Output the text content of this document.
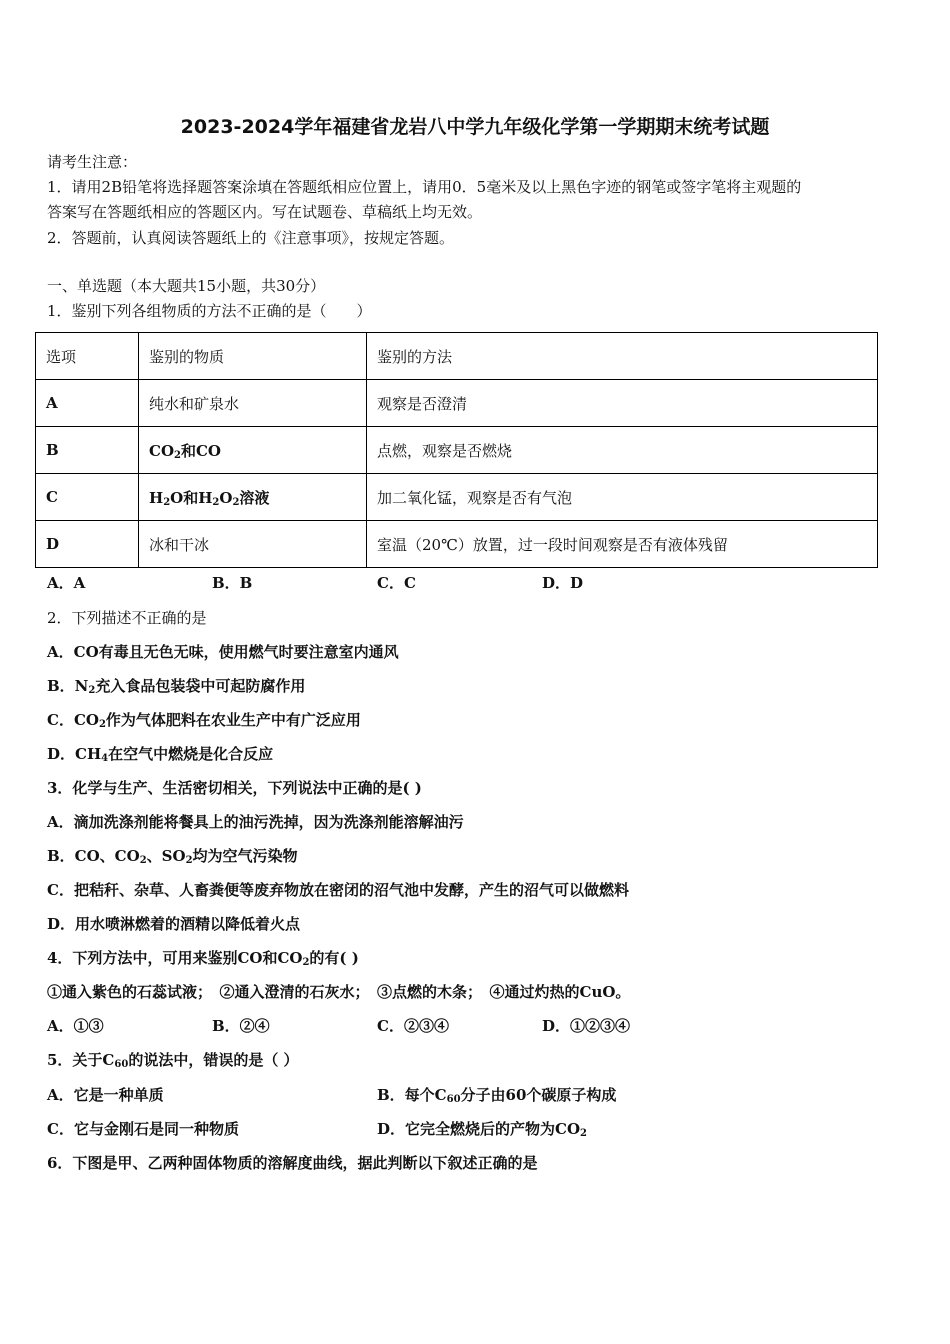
2023-2024学年福建省龙岩八中学九年级化学第一学期期末统考试题
请考生注意：
1．请用2B铅笔将选择题答案涂填在答题纸相应位置上，请用0．5毫米及以上黑色字迹的钢笔或签字笔将主观题的
答案写在答题纸相应的答题区内。写在试题卷、草稿纸上均无效。
2．答题前，认真阅读答题纸上的《注意事项》，按规定答题。
一、单选题（本大题共15小题，共30分）
1．鉴别下列各组物质的方法不正确的是（　　）
选项	鉴别的物质	鉴别的方法
A	纯水和矿泉水	观察是否澄清
B	$CO_2$和CO	点燃，观察是否燃烧
C	$H_2O$和$H_2O_2$溶液	加二氧化锰，观察是否有气泡
D	冰和干冰	室温（20℃）放置，过一段时间观察是否有液体残留
A．A	B．B	C．C	D．D
2．下列描述不正确的是
A．CO有毒且无色无味，使用燃气时要注意室内通风
B．$N_2$充入食品包装袋中可起防腐作用
C．$CO_2$作为气体肥料在农业生产中有广泛应用
D．$CH_4$在空气中燃烧是化合反应
3．化学与生产、生活密切相关，下列说法中正确的是( )
A．滴加洗涤剂能将餐具上的油污洗掉，因为洗涤剂能溶解油污
B．CO、$CO_2$、$SO_2$均为空气污染物
C．把秸秆、杂草、人畜粪便等废弃物放在密闭的沼气池中发酵，产生的沼气可以做燃料
D．用水喷淋燃着的酒精以降低着火点
4．下列方法中，可用来鉴别CO和$CO_2$的有( )
①通入紫色的石蕊试液；　②通入澄清的石灰水；　③点燃的木条；　④通过灼热的CuO。
A．①③	B．②④	C．②③④	D．①②③④
5．关于$C_{60}$的说法中，错误的是（ ）
A．它是一种单质	B．每个$C_{60}$分子由60个碳原子构成
C．它与金刚石是同一种物质	D．它完全燃烧后的产物为$CO_2$
6．下图是甲、乙两种固体物质的溶解度曲线，据此判断以下叙述正确的是
